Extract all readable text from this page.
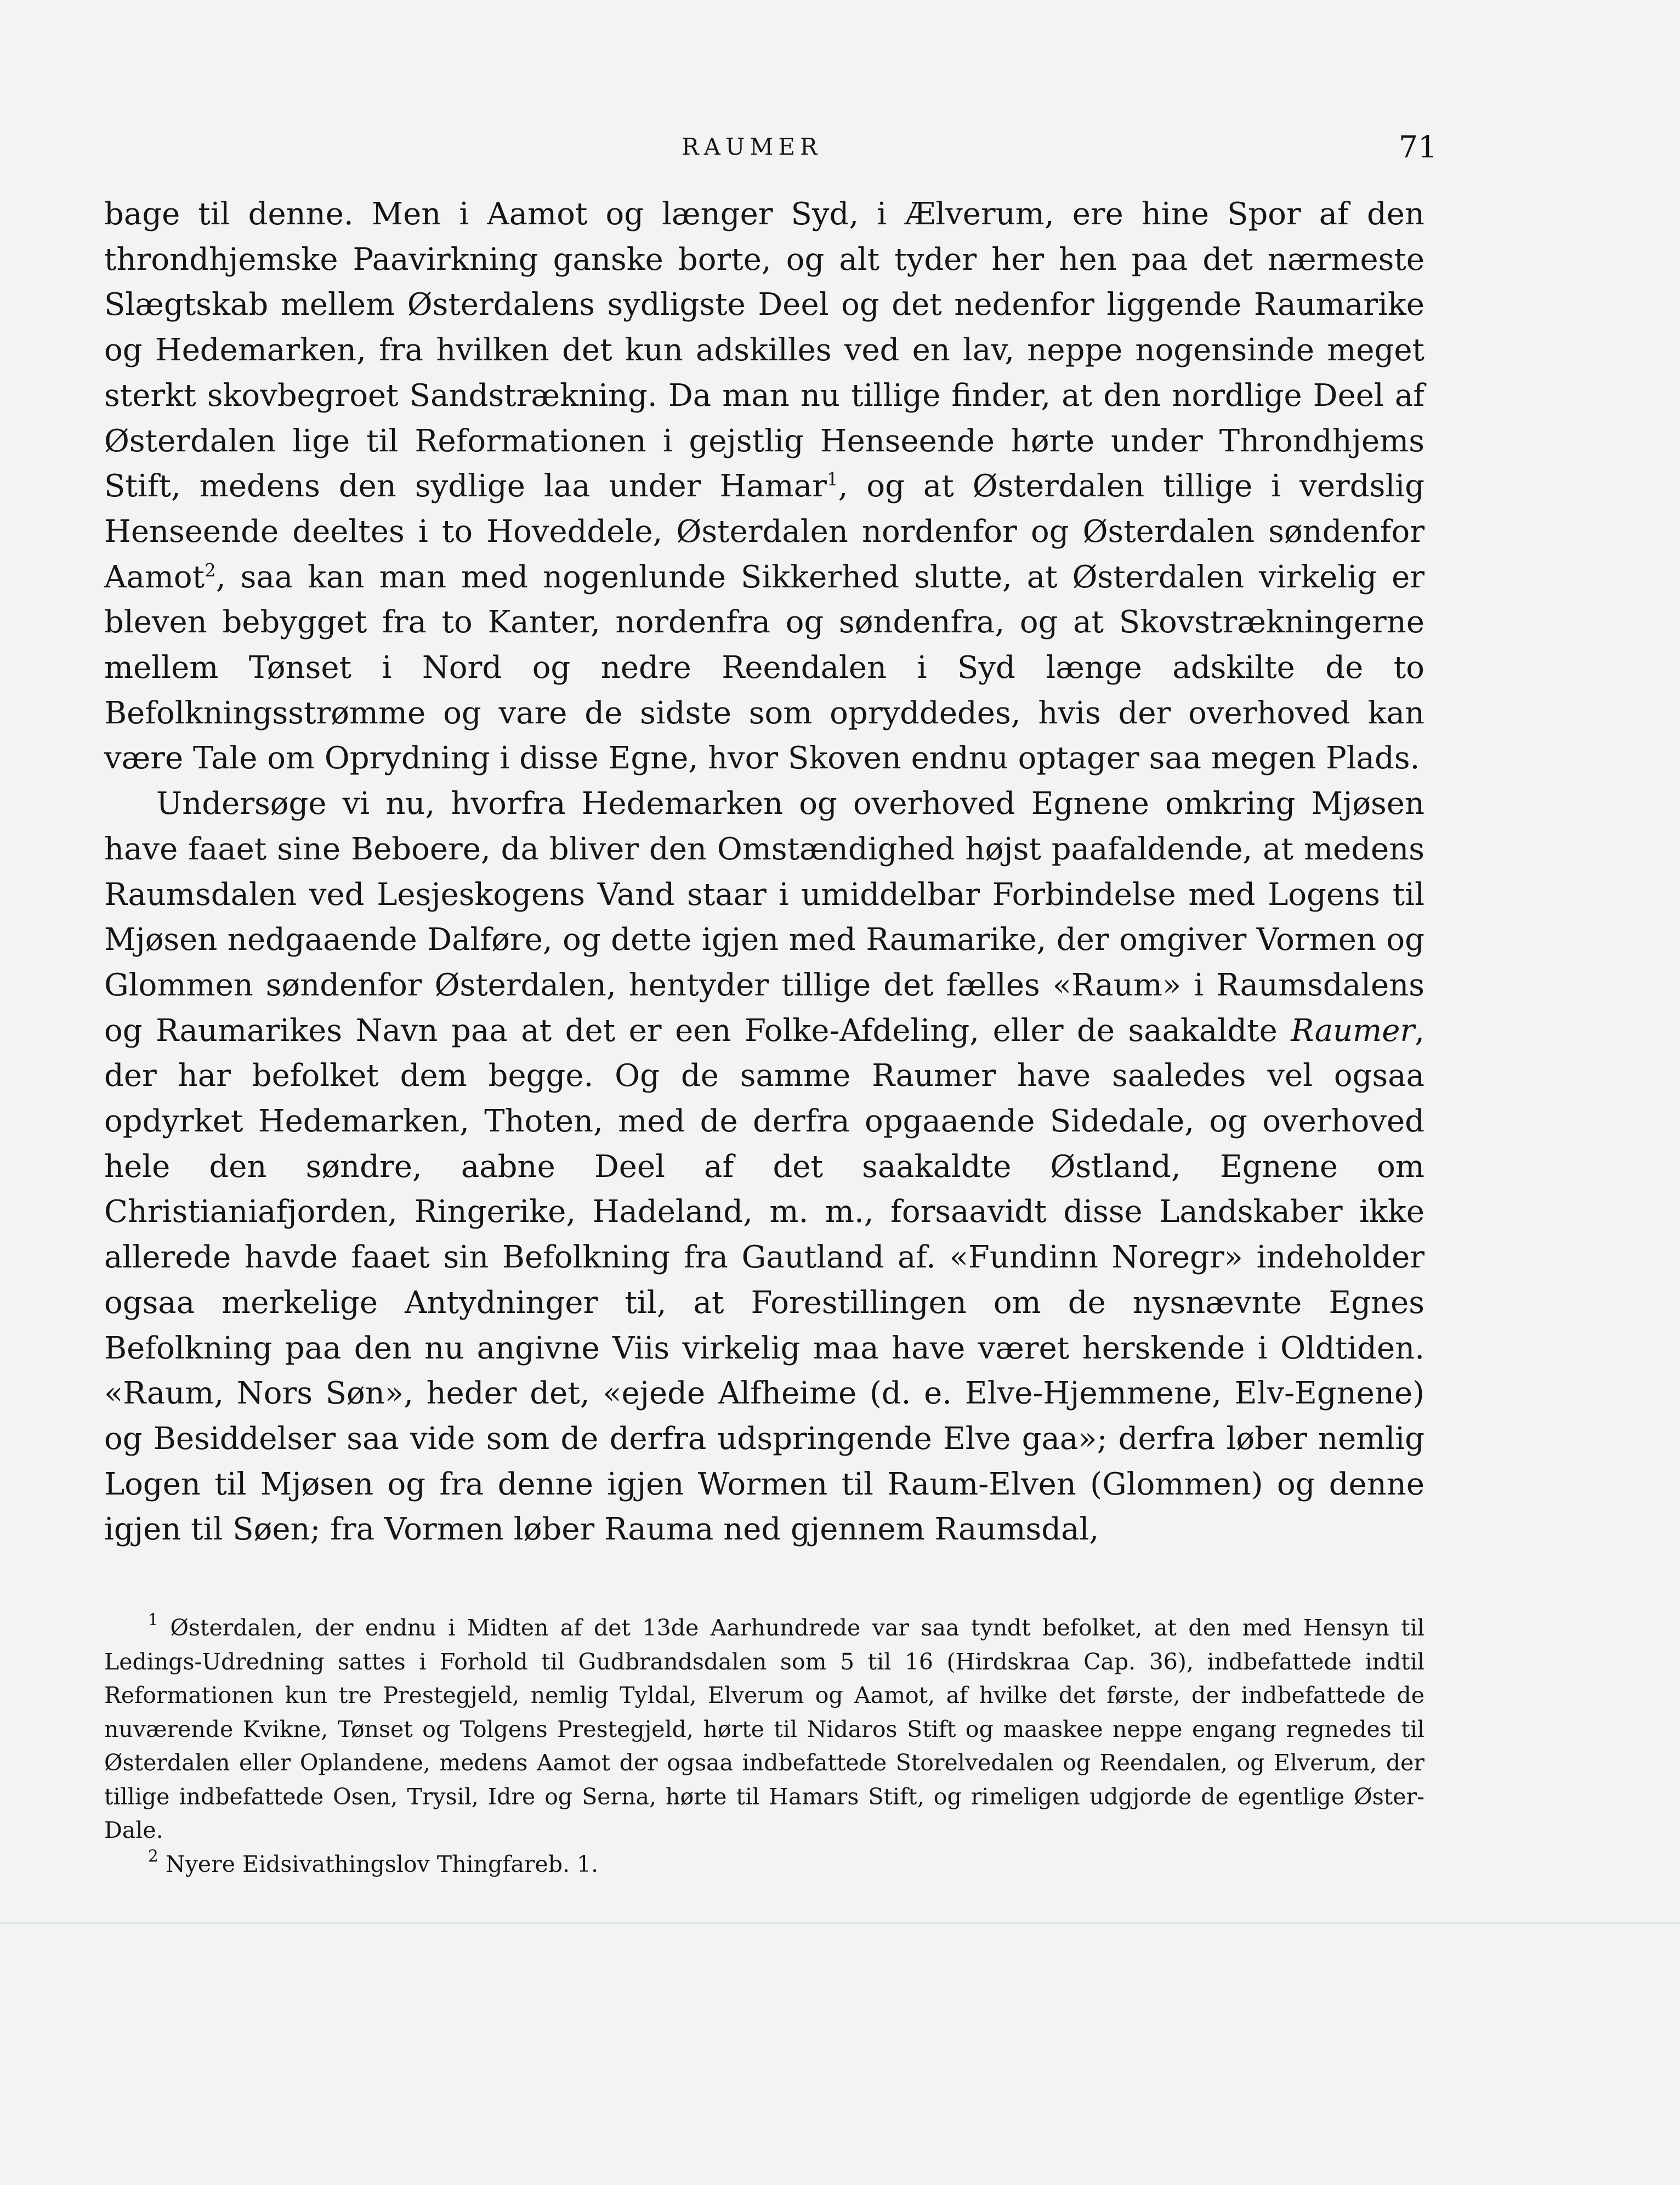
RAUMER	71

bage til denne. Men i Aamot og længer Syd, i Ælverum, ere hine Spor af den throndhjemske Paavirkning ganske borte, og alt tyder her hen paa det nærmeste Slægtskab mellem Østerdalens sydligste Deel og det nedenfor liggende Raumarike og Hedemarken, fra hvilken det kun adskilles ved en lav, neppe nogensinde meget sterkt skovbegroet Sandstrækning. Da man nu tillige finder, at den nordlige Deel af Østerdalen lige til Reformationen i gejstlig Henseende hørte under Throndhjems Stift, medens den sydlige laa under Hamar$^1$, og at Østerdalen tillige i verdslig Henseende deeltes i to Hoveddele, Østerdalen nordenfor og Østerdalen søndenfor Aamot$^2$, saa kan man med nogenlunde Sikkerhed slutte, at Østerdalen virkelig er bleven bebygget fra to Kanter, nordenfra og søndenfra, og at Skovstrækningerne mellem Tønset i Nord og nedre Reendalen i Syd længe adskilte de to Befolkningsstrømme og vare de sidste som opryddedes, hvis der overhoved kan være Tale om Oprydning i disse Egne, hvor Skoven endnu optager saa megen Plads.

Undersøge vi nu, hvorfra Hedemarken og overhoved Egnene omkring Mjøsen have faaet sine Beboere, da bliver den Omstændighed højst paafaldende, at medens Raumsdalen ved Lesjeskogens Vand staar i umiddelbar Forbindelse med Logens til Mjøsen nedgaaende Dalføre, og dette igjen med Raumarike, der omgiver Vormen og Glommen søndenfor Østerdalen, hentyder tillige det fælles «Raum» i Raumsdalens og Raumarikes Navn paa at det er een Folke-Afdeling, eller de saakaldte Raumer, der har befolket dem begge. Og de samme Raumer have saaledes vel ogsaa opdyrket Hedemarken, Thoten, med de derfra opgaaende Sidedale, og overhoved hele den søndre, aabne Deel af det saakaldte Østland, Egnene om Christianiafjorden, Ringerike, Hadeland, m. m., forsaavidt disse Landskaber ikke allerede havde faaet sin Befolkning fra Gautland af. «Fundinn Noregr» indeholder ogsaa merkelige Antydninger til, at Forestillingen om de nysnævnte Egnes Befolkning paa den nu angivne Viis virkelig maa have været herskende i Oldtiden. «Raum, Nors Søn», heder det, «ejede Alfheime (d. e. Elve-Hjemmene, Elv-Egnene) og Besiddelser saa vide som de derfra udspringende Elve gaa»; derfra løber nemlig Logen til Mjøsen og fra denne igjen Wormen til Raum-Elven (Glommen) og denne igjen til Søen; fra Vormen løber Rauma ned gjennem Raumsdal,

$^1$ Østerdalen, der endnu i Midten af det 13de Aarhundrede var saa tyndt befolket, at den med Hensyn til Ledings-Udredning sattes i Forhold til Gudbrandsdalen som 5 til 16 (Hirdskraa Cap. 36), indbefattede indtil Reformationen kun tre Prestegjeld, nemlig Tyldal, Elverum og Aamot, af hvilke det første, der indbefattede de nuværende Kvikne, Tønset og Tolgens Prestegjeld, hørte til Nidaros Stift og maaskee neppe engang regnedes til Østerdalen eller Oplandene, medens Aamot der ogsaa indbefattede Storelvedalen og Reendalen, og Elverum, der tillige indbefattede Osen, Trysil, Idre og Serna, hørte til Hamars Stift, og rimeligen udgjorde de egentlige Øster-Dale.

$^2$ Nyere Eidsivathingslov Thingfareb. 1.
